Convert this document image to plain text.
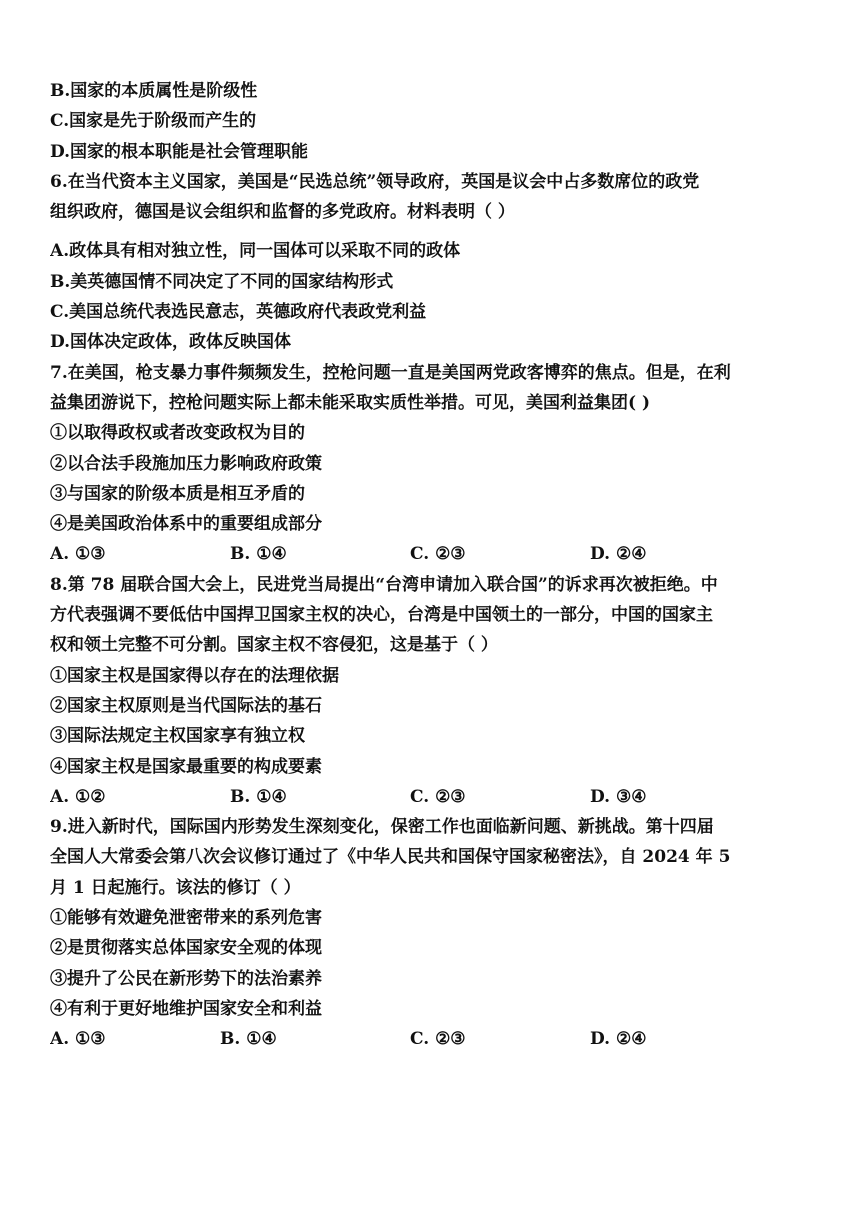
B.国家的本质属性是阶级性
C.国家是先于阶级而产生的
D.国家的根本职能是社会管理职能
6.在当代资本主义国家，美国是“民选总统”领导政府，英国是议会中占多数席位的政党
组织政府，德国是议会组织和监督的多党政府。材料表明（ ）
A.政体具有相对独立性，同一国体可以采取不同的政体
B.美英德国情不同决定了不同的国家结构形式
C.美国总统代表选民意志，英德政府代表政党利益
D.国体决定政体，政体反映国体
7.在美国，枪支暴力事件频频发生，控枪问题一直是美国两党政客博弈的焦点。但是，在利
益集团游说下，控枪问题实际上都未能采取实质性举措。可见，美国利益集团( )
①以取得政权或者改变政权为目的
②以合法手段施加压力影响政府政策
③与国家的阶级本质是相互矛盾的
④是美国政治体系中的重要组成部分
A. ①③	B. ①④	C. ②③	D. ②④
8.第 78 届联合国大会上，民进党当局提出“台湾申请加入联合国”的诉求再次被拒绝。中
方代表强调不要低估中国捍卫国家主权的决心，台湾是中国领土的一部分，中国的国家主
权和领土完整不可分割。国家主权不容侵犯，这是基于（ ）
①国家主权是国家得以存在的法理依据
②国家主权原则是当代国际法的基石
③国际法规定主权国家享有独立权
④国家主权是国家最重要的构成要素
A. ①②	B. ①④	C. ②③	D. ③④
9.进入新时代，国际国内形势发生深刻变化，保密工作也面临新问题、新挑战。第十四届
全国人大常委会第八次会议修订通过了《中华人民共和国保守国家秘密法》，自 2024 年 5
月 1 日起施行。该法的修订（ ）
①能够有效避免泄密带来的系列危害
②是贯彻落实总体国家安全观的体现
③提升了公民在新形势下的法治素养
④有利于更好地维护国家安全和利益
A. ①③	B. ①④	C. ②③	D. ②④
